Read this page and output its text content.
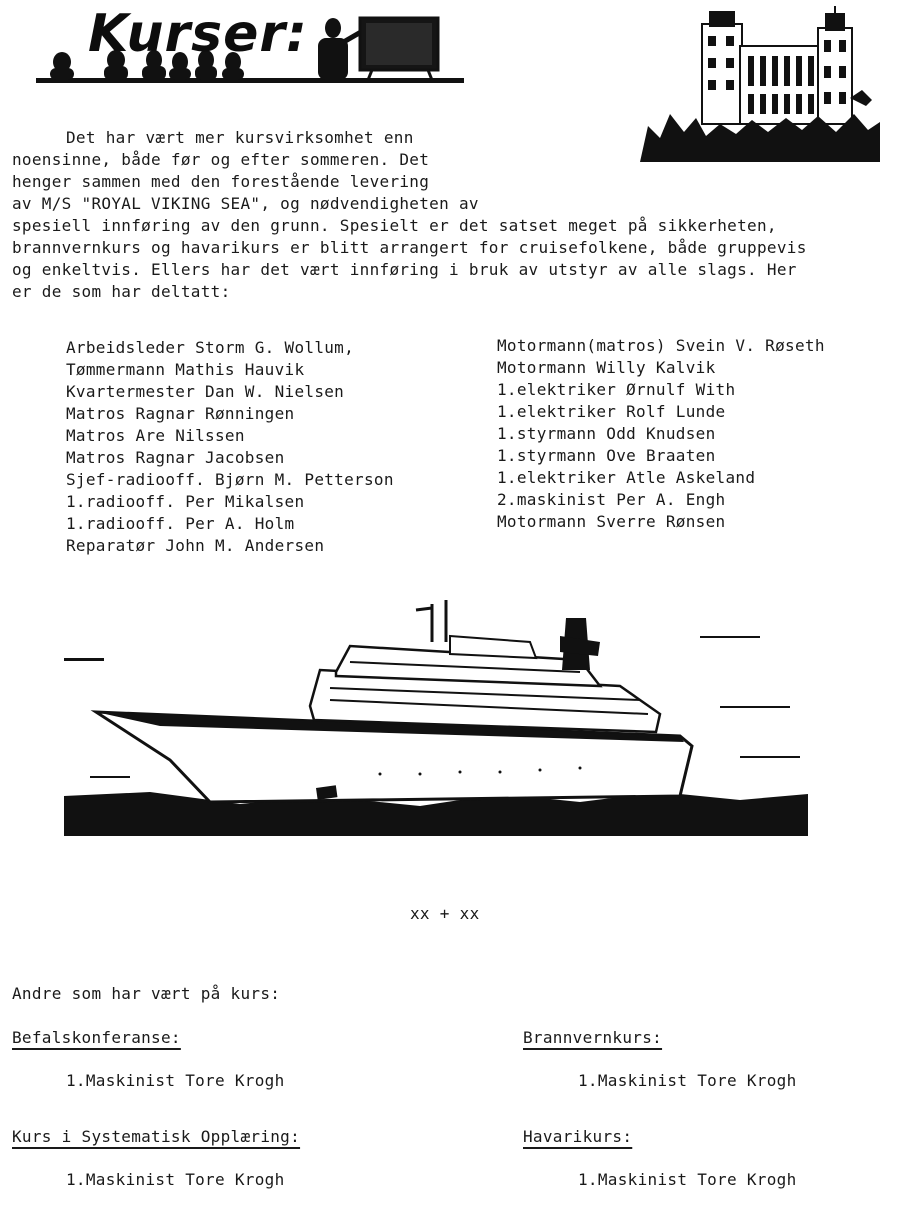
Kurser:
Det har vært mer kursvirksomhet enn
noensinne, både før og efter sommeren. Det
henger sammen med den forestående levering
av M/S "ROYAL VIKING SEA", og nødvendigheten av
spesiell innføring av den grunn. Spesielt er det satset meget på sikkerheten,
brannvernkurs og havarikurs er blitt arrangert for cruisefolkene, både gruppevis
og enkeltvis. Ellers har det vært innføring i bruk av utstyr av alle slags. Her
er de som har deltatt:
Arbeidsleder Storm G. Wollum,
Tømmermann Mathis Hauvik
Kvartermester Dan W. Nielsen
Matros Ragnar Rønningen
Matros Are Nilssen
Matros Ragnar Jacobsen
Sjef-radiooff. Bjørn M. Petterson
1.radiooff. Per Mikalsen
1.radiooff. Per A. Holm
Reparatør John M. Andersen
Motormann(matros) Svein V. Røseth
Motormann Willy Kalvik
1.elektriker Ørnulf With
1.elektriker Rolf Lunde
1.styrmann Odd Knudsen
1.styrmann Ove Braaten
1.elektriker Atle Askeland
2.maskinist Per A. Engh
Motormann Sverre Rønsen
xx + xx
Andre som har vært på kurs:
Befalskonferanse:
1.Maskinist Tore Krogh
Brannvernkurs:
1.Maskinist Tore Krogh
Kurs i Systematisk Opplæring:
1.Maskinist Tore Krogh
Havarikurs:
1.Maskinist Tore Krogh
